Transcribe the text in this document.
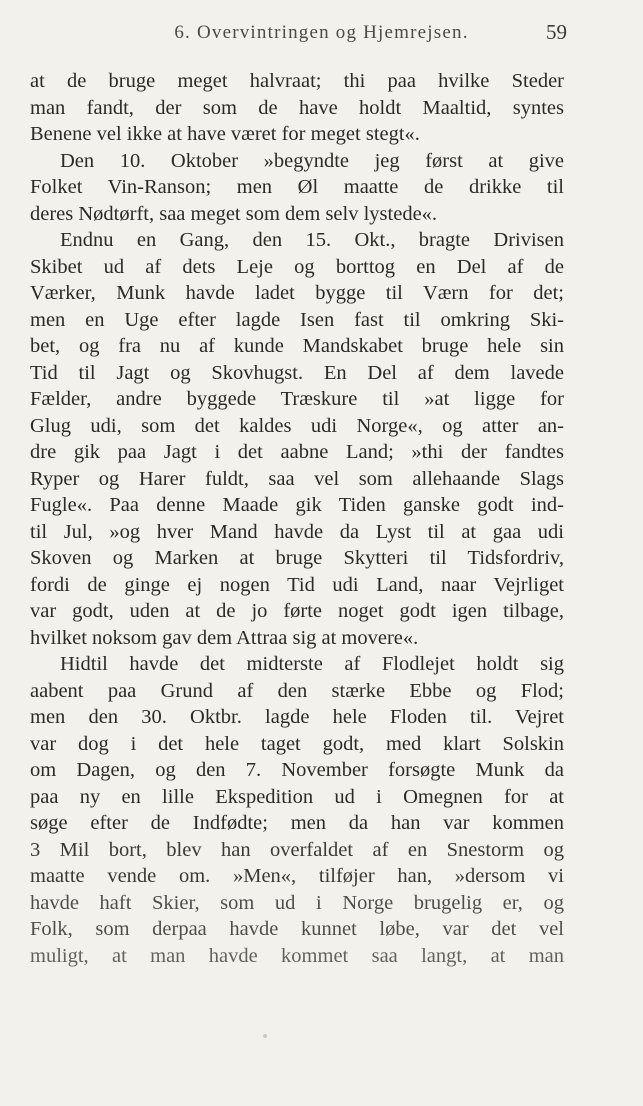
6. Overvintringen og Hjemrejsen.	59
at de bruge meget halvraat; thi paa hvilke Steder
man fandt, der som de have holdt Maaltid, syntes
Benene vel ikke at have været for meget stegt«.
Den 10. Oktober »begyndte jeg først at give
Folket Vin-Ranson; men Øl maatte de drikke til
deres Nødtørft, saa meget som dem selv lystede«.
Endnu en Gang, den 15. Okt., bragte Drivisen
Skibet ud af dets Leje og borttog en Del af de
Værker, Munk havde ladet bygge til Værn for det;
men en Uge efter lagde Isen fast til omkring Ski-
bet, og fra nu af kunde Mandskabet bruge hele sin
Tid til Jagt og Skovhugst. En Del af dem lavede
Fælder, andre byggede Træskure til »at ligge for
Glug udi, som det kaldes udi Norge«, og atter an-
dre gik paa Jagt i det aabne Land; »thi der fandtes
Ryper og Harer fuldt, saa vel som allehaande Slags
Fugle«. Paa denne Maade gik Tiden ganske godt ind-
til Jul, »og hver Mand havde da Lyst til at gaa udi
Skoven og Marken at bruge Skytteri til Tidsfordriv,
fordi de ginge ej nogen Tid udi Land, naar Vejrliget
var godt, uden at de jo førte noget godt igen tilbage,
hvilket noksom gav dem Attraa sig at movere«.
Hidtil havde det midterste af Flodlejet holdt sig
aabent paa Grund af den stærke Ebbe og Flod;
men den 30. Oktbr. lagde hele Floden til. Vejret
var dog i det hele taget godt, med klart Solskin
om Dagen, og den 7. November forsøgte Munk da
paa ny en lille Ekspedition ud i Omegnen for at
søge efter de Indfødte; men da han var kommen
3 Mil bort, blev han overfaldet af en Snestorm og
maatte vende om. »Men«, tilføjer han, »dersom vi
havde haft Skier, som ud i Norge brugelig er, og
Folk, som derpaa havde kunnet løbe, var det vel
muligt, at man havde kommet saa langt, at man
